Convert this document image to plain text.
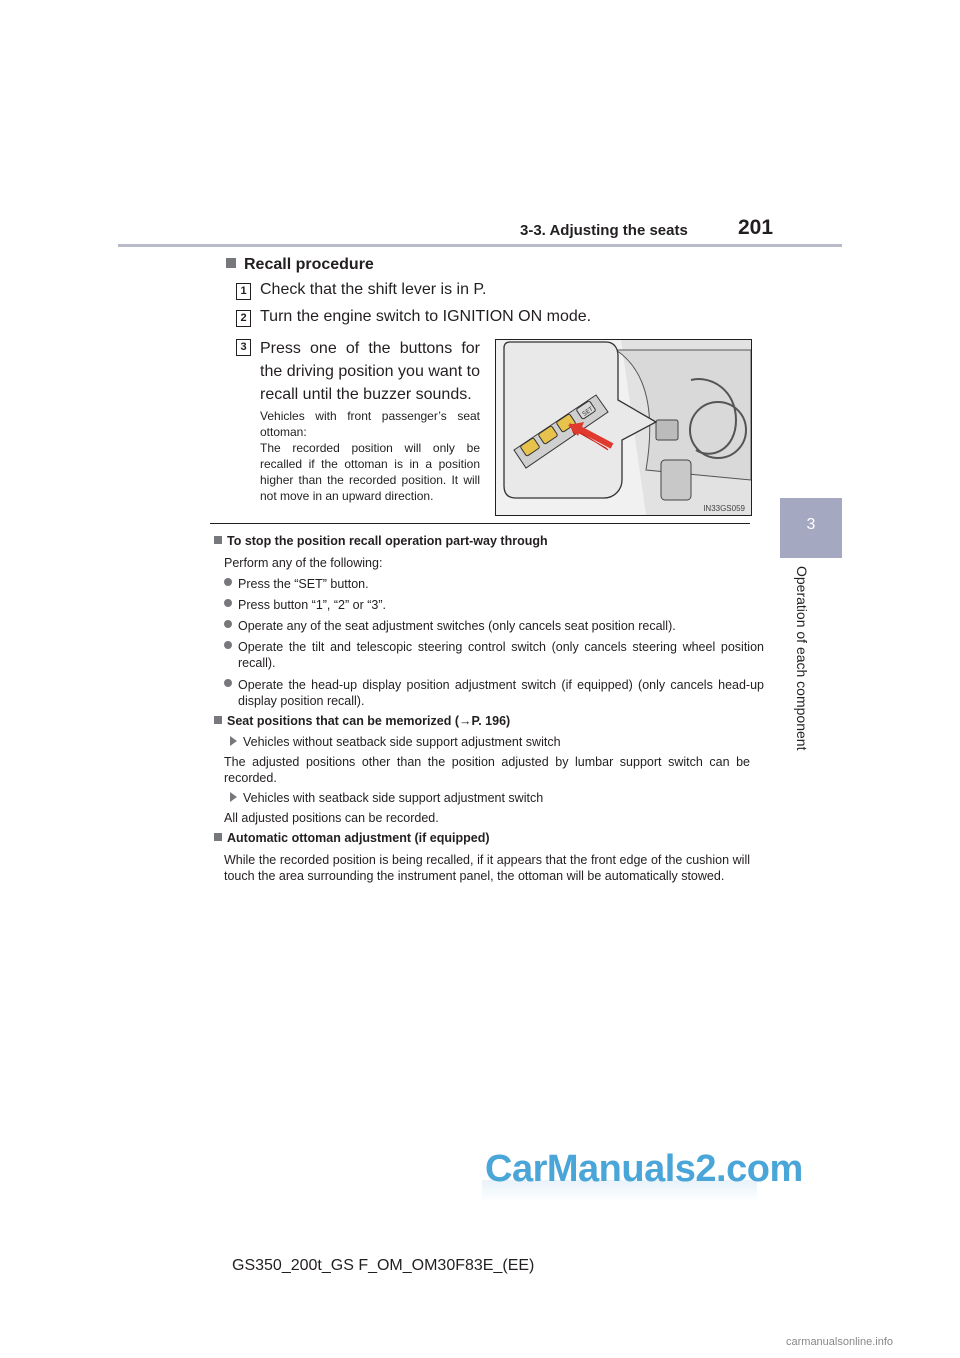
3-3. Adjusting the seats 201
3
Operation of each component
Recall procedure
1 Check that the shift lever is in P.
2 Turn the engine switch to IGNITION ON mode.
3 Press one of the buttons for the driving position you want to recall until the buzzer sounds.
Vehicles with front passenger’s seat ottoman:
The recorded position will only be recalled if the ottoman is in a position higher than the recorded position. It will not move in an upward direction.
SET
IN33GS059
To stop the position recall operation part-way through
Perform any of the following:
Press the “SET” button.
Press button “1”, “2” or “3”.
Operate any of the seat adjustment switches (only cancels seat position recall).
Operate the tilt and telescopic steering control switch (only cancels steering wheel position recall).
Operate the head-up display position adjustment switch (if equipped) (only cancels head-up display position recall).
Seat positions that can be memorized (→P. 196)
Vehicles without seatback side support adjustment switch
The adjusted positions other than the position adjusted by lumbar support switch can be recorded.
Vehicles with seatback side support adjustment switch
All adjusted positions can be recorded.
Automatic ottoman adjustment (if equipped)
While the recorded position is being recalled, if it appears that the front edge of the cushion will touch the area surrounding the instrument panel, the ottoman will be automatically stowed.
GS350_200t_GS F_OM_OM30F83E_(EE)
CarManuals2.com
carmanualsonline.info
